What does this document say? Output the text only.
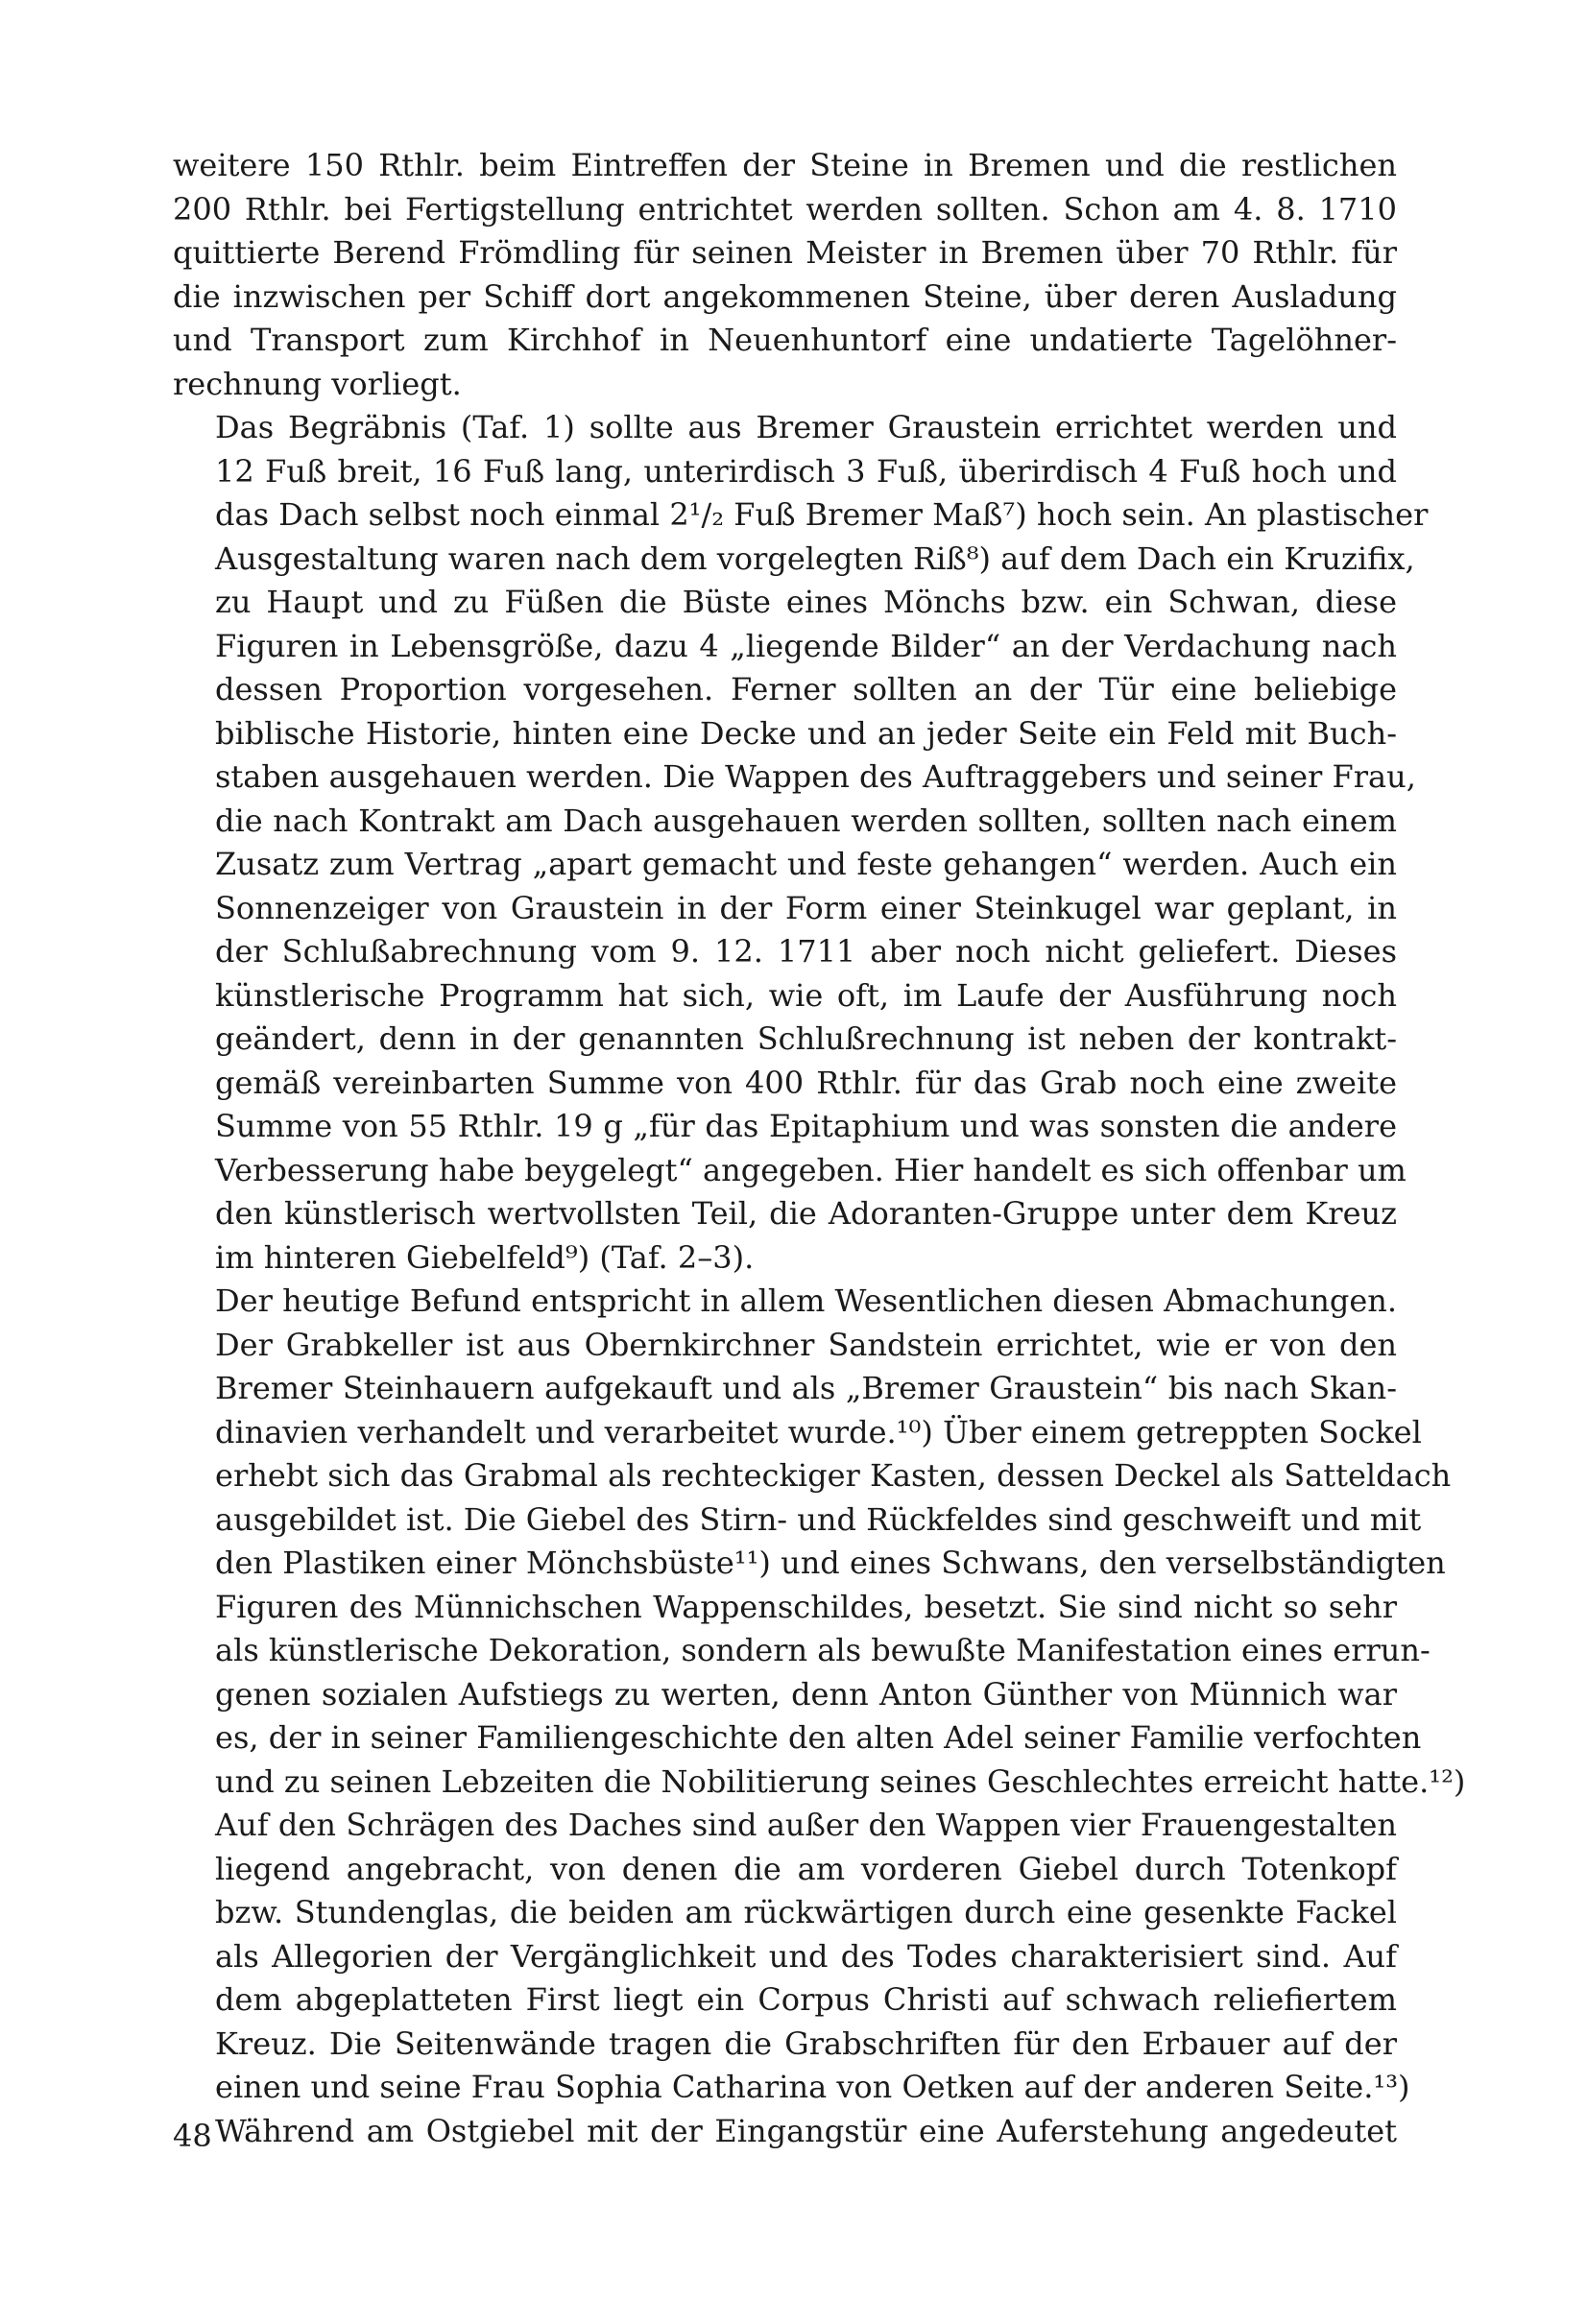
weitere 150 Rthlr. beim Eintreffen der Steine in Bremen und die restlichen
200 Rthlr. bei Fertigstellung entrichtet werden sollten. Schon am 4. 8. 1710
quittierte Berend Frömdling für seinen Meister in Bremen über 70 Rthlr. für
die inzwischen per Schiff dort angekommenen Steine, über deren Ausladung
und Transport zum Kirchhof in Neuenhuntorf eine undatierte Tagelöhner-
rechnung vorliegt.
Das Begräbnis (Taf. 1) sollte aus Bremer Graustein errichtet werden und
12 Fuß breit, 16 Fuß lang, unterirdisch 3 Fuß, überirdisch 4 Fuß hoch und
das Dach selbst noch einmal 2¹/₂ Fuß Bremer Maß⁷) hoch sein. An plastischer
Ausgestaltung waren nach dem vorgelegten Riß⁸) auf dem Dach ein Kruzifix,
zu Haupt und zu Füßen die Büste eines Mönchs bzw. ein Schwan, diese
Figuren in Lebensgröße, dazu 4 „liegende Bilder“ an der Verdachung nach
dessen Proportion vorgesehen. Ferner sollten an der Tür eine beliebige
biblische Historie, hinten eine Decke und an jeder Seite ein Feld mit Buch-
staben ausgehauen werden. Die Wappen des Auftraggebers und seiner Frau,
die nach Kontrakt am Dach ausgehauen werden sollten, sollten nach einem
Zusatz zum Vertrag „apart gemacht und feste gehangen“ werden. Auch ein
Sonnenzeiger von Graustein in der Form einer Steinkugel war geplant, in
der Schlußabrechnung vom 9. 12. 1711 aber noch nicht geliefert. Dieses
künstlerische Programm hat sich, wie oft, im Laufe der Ausführung noch
geändert, denn in der genannten Schlußrechnung ist neben der kontrakt-
gemäß vereinbarten Summe von 400 Rthlr. für das Grab noch eine zweite
Summe von 55 Rthlr. 19 g „für das Epitaphium und was sonsten die andere
Verbesserung habe beygelegt“ angegeben. Hier handelt es sich offenbar um
den künstlerisch wertvollsten Teil, die Adoranten-Gruppe unter dem Kreuz
im hinteren Giebelfeld⁹) (Taf. 2–3).
Der heutige Befund entspricht in allem Wesentlichen diesen Abmachungen.
Der Grabkeller ist aus Obernkirchner Sandstein errichtet, wie er von den
Bremer Steinhauern aufgekauft und als „Bremer Graustein“ bis nach Skan-
dinavien verhandelt und verarbeitet wurde.¹⁰) Über einem getreppten Sockel
erhebt sich das Grabmal als rechteckiger Kasten, dessen Deckel als Satteldach
ausgebildet ist. Die Giebel des Stirn- und Rückfeldes sind geschweift und mit
den Plastiken einer Mönchsbüste¹¹) und eines Schwans, den verselbständigten
Figuren des Münnichschen Wappenschildes, besetzt. Sie sind nicht so sehr
als künstlerische Dekoration, sondern als bewußte Manifestation eines errun-
genen sozialen Aufstiegs zu werten, denn Anton Günther von Münnich war
es, der in seiner Familiengeschichte den alten Adel seiner Familie verfochten
und zu seinen Lebzeiten die Nobilitierung seines Geschlechtes erreicht hatte.¹²)
Auf den Schrägen des Daches sind außer den Wappen vier Frauengestalten
liegend angebracht, von denen die am vorderen Giebel durch Totenkopf
bzw. Stundenglas, die beiden am rückwärtigen durch eine gesenkte Fackel
als Allegorien der Vergänglichkeit und des Todes charakterisiert sind. Auf
dem abgeplatteten First liegt ein Corpus Christi auf schwach reliefiertem
Kreuz. Die Seitenwände tragen die Grabschriften für den Erbauer auf der
einen und seine Frau Sophia Catharina von Oetken auf der anderen Seite.¹³)
Während am Ostgiebel mit der Eingangstür eine Auferstehung angedeutet
48
